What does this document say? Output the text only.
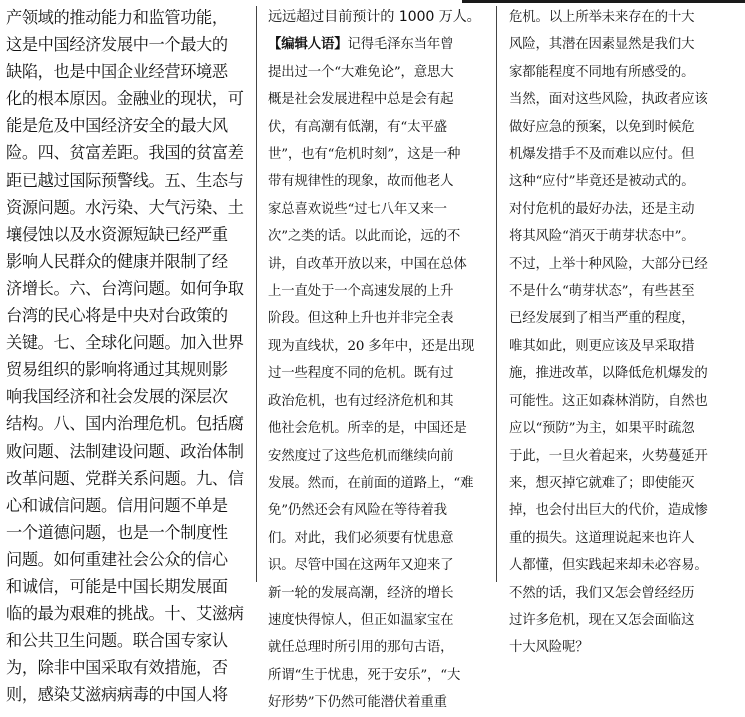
产领域的推动能力和监管功能，
这是中国经济发展中一个最大的
缺陷，也是中国企业经营环境恶
化的根本原因。金融业的现状，可
能是危及中国经济安全的最大风
险。四、贫富差距。我国的贫富差
距已越过国际预警线。五、生态与
资源问题。水污染、大气污染、土
壤侵蚀以及水资源短缺已经严重
影响人民群众的健康并限制了经
济增长。六、台湾问题。如何争取
台湾的民心将是中央对台政策的
关键。七、全球化问题。加入世界
贸易组织的影响将通过其规则影
响我国经济和社会发展的深层次
结构。八、国内治理危机。包括腐
败问题、法制建设问题、政治体制
改革问题、党群关系问题。九、信
心和诚信问题。信用问题不单是
一个道德问题，也是一个制度性
问题。如何重建社会公众的信心
和诚信，可能是中国长期发展面
临的最为艰难的挑战。十、艾滋病
和公共卫生问题。联合国专家认
为，除非中国采取有效措施，否
则，感染艾滋病病毒的中国人将
远远超过目前预计的 1000 万人。
【编辑人语】记得毛泽东当年曾
提出过一个“大难免论”，意思大
概是社会发展进程中总是会有起
伏，有高潮有低潮，有“太平盛
世”，也有“危机时刻”，这是一种
带有规律性的现象，故而他老人
家总喜欢说些“过七八年又来一
次”之类的话。以此而论，远的不
讲，自改革开放以来，中国在总体
上一直处于一个高速发展的上升
阶段。但这种上升也并非完全表
现为直线状，20 多年中，还是出现
过一些程度不同的危机。既有过
政治危机，也有过经济危机和其
他社会危机。所幸的是，中国还是
安然度过了这些危机而继续向前
发展。然而，在前面的道路上，“难
免”仍然还会有风险在等待着我
们。对此，我们必须要有忧患意
识。尽管中国在这两年又迎来了
新一轮的发展高潮，经济的增长
速度快得惊人，但正如温家宝在
就任总理时所引用的那句古语，
所谓“生于忧患，死于安乐”，“大
好形势”下仍然可能潜伏着重重
危机。以上所举未来存在的十大
风险，其潜在因素显然是我们大
家都能程度不同地有所感受的。
当然，面对这些风险，执政者应该
做好应急的预案，以免到时候危
机爆发措手不及而难以应付。但
这种“应付”毕竟还是被动式的。
对付危机的最好办法，还是主动
将其风险“消灭于萌芽状态中”。
不过，上举十种风险，大部分已经
不是什么“萌芽状态”，有些甚至
已经发展到了相当严重的程度，
唯其如此，则更应该及早采取措
施，推进改革，以降低危机爆发的
可能性。这正如森林消防，自然也
应以“预防”为主，如果平时疏忽
于此，一旦火着起来，火势蔓延开
来，想灭掉它就难了；即使能灭
掉，也会付出巨大的代价，造成惨
重的损失。这道理说起来也许人
人都懂，但实践起来却未必容易。
不然的话，我们又怎会曾经经历
过许多危机，现在又怎会面临这
十大风险呢？
